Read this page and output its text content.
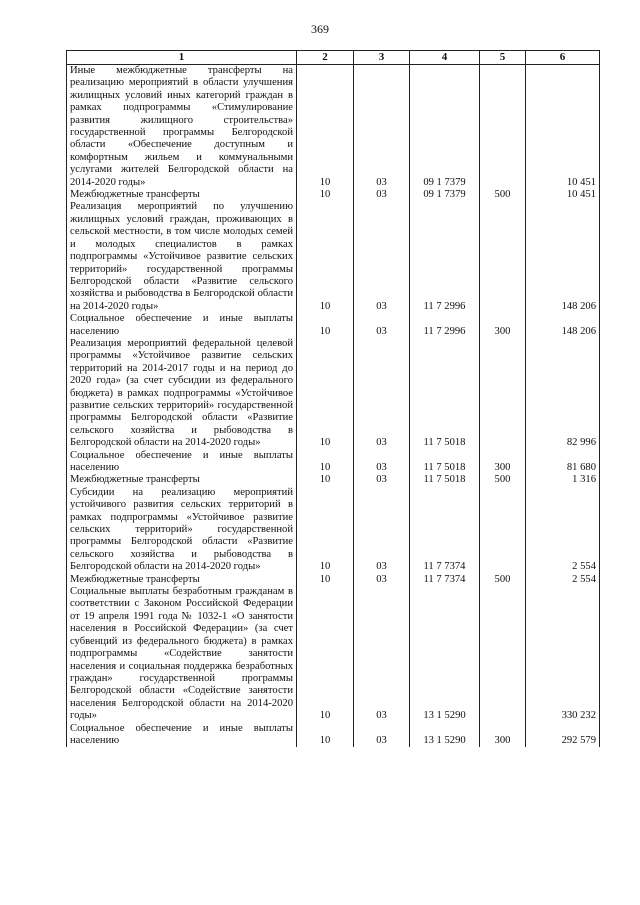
369
1	2	3	4	5	6
Иные межбюджетные трансферты на реализацию мероприятий в области улучшения жилищных условий иных категорий граждан в рамках подпрограммы «Стимулирование развития жилищного строительства» государственной программы Белгородской области «Обеспечение доступным и комфортным жильем и коммунальными услугами жителей Белгородской области на 2014-2020 годы»	10	03	09 1 7379		10 451
Межбюджетные трансферты	10	03	09 1 7379	500	10 451
Реализация мероприятий по улучшению жилищных условий граждан, проживающих в сельской местности, в том числе молодых семей и молодых специалистов в рамках подпрограммы «Устойчивое развитие сельских территорий» государственной программы Белгородской области «Развитие сельского хозяйства и рыбоводства в Белгородской области на 2014-2020 годы»	10	03	11 7 2996		148 206
Социальное обеспечение и иные выплаты населению	10	03	11 7 2996	300	148 206
Реализация мероприятий федеральной целевой программы «Устойчивое развитие сельских территорий на 2014-2017 годы и на период до 2020 года» (за счет субсидии из федерального бюджета) в рамках подпрограммы «Устойчивое развитие сельских территорий» государственной программы Белгородской области «Развитие сельского хозяйства и рыбоводства в Белгородской области на 2014-2020 годы»	10	03	11 7 5018		82 996
Социальное обеспечение и иные выплаты населению	10	03	11 7 5018	300	81 680
Межбюджетные трансферты	10	03	11 7 5018	500	1 316
Субсидии на реализацию мероприятий устойчивого развития сельских территорий в рамках подпрограммы «Устойчивое развитие сельских территорий» государственной программы Белгородской области «Развитие сельского хозяйства и рыбоводства в Белгородской области на 2014-2020 годы»	10	03	11 7 7374		2 554
Межбюджетные трансферты	10	03	11 7 7374	500	2 554
Социальные выплаты безработным гражданам в соответствии с Законом Российской Федерации от 19 апреля 1991 года № 1032-1 «О занятости населения в Российской Федерации» (за счет субвенций из федерального бюджета) в рамках подпрограммы «Содействие занятости населения и социальная поддержка безработных граждан» государственной программы Белгородской области «Содействие занятости населения Белгородской области на 2014-2020 годы»	10	03	13 1 5290		330 232
Социальное обеспечение и иные выплаты населению	10	03	13 1 5290	300	292 579
